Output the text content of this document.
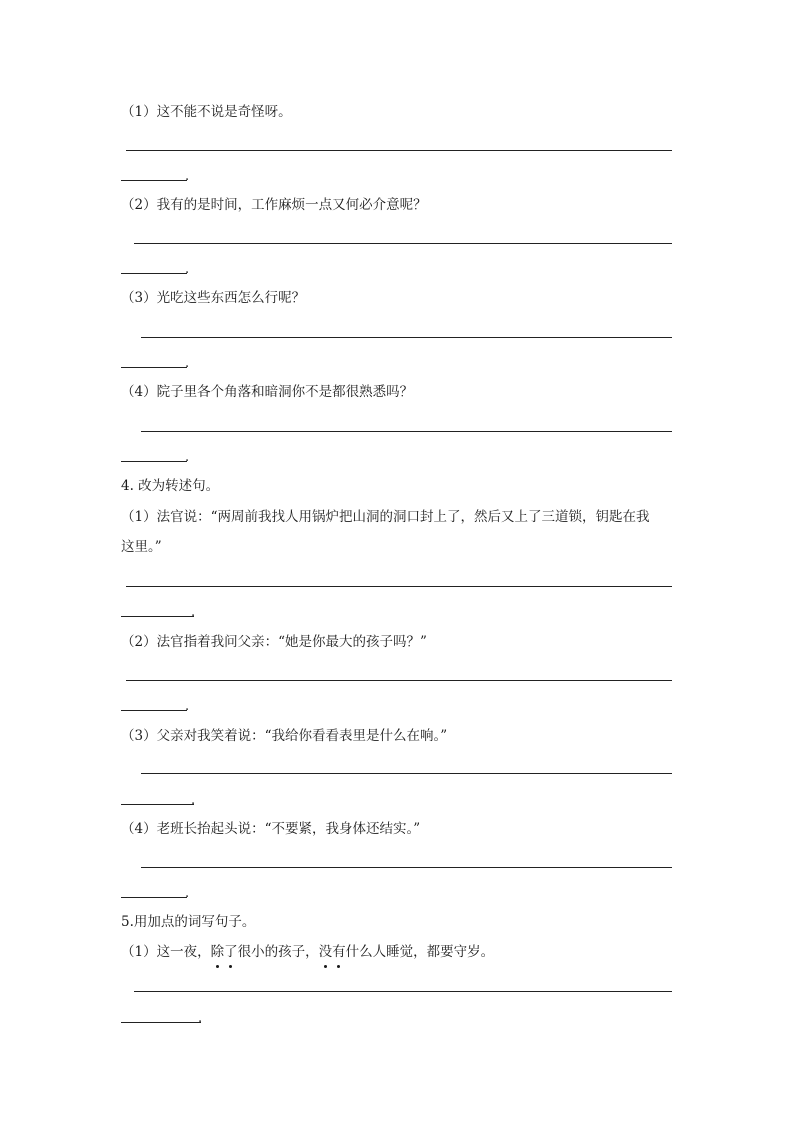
（1）这不能不说是奇怪呀。
.
（2）我有的是时间，工作麻烦一点又何必介意呢？
.
（3）光吃这些东西怎么行呢？
.
（4）院子里各个角落和暗洞你不是都很熟悉吗？
.
4. 改为转述句。
（1）法官说：“两周前我找人用锅炉把山洞的洞口封上了，然后又上了三道锁，钥匙在我
这里。”
.
（2）法官指着我问父亲：“她是你最大的孩子吗？”
.
（3）父亲对我笑着说：“我给你看看表里是什么在响。”
.
（4）老班长抬起头说：“不要紧，我身体还结实。”
.
5.用加点的词写句子。
（1）这一夜，除
了
很小的孩子，没
有
什么人睡觉，都要守岁。
.
